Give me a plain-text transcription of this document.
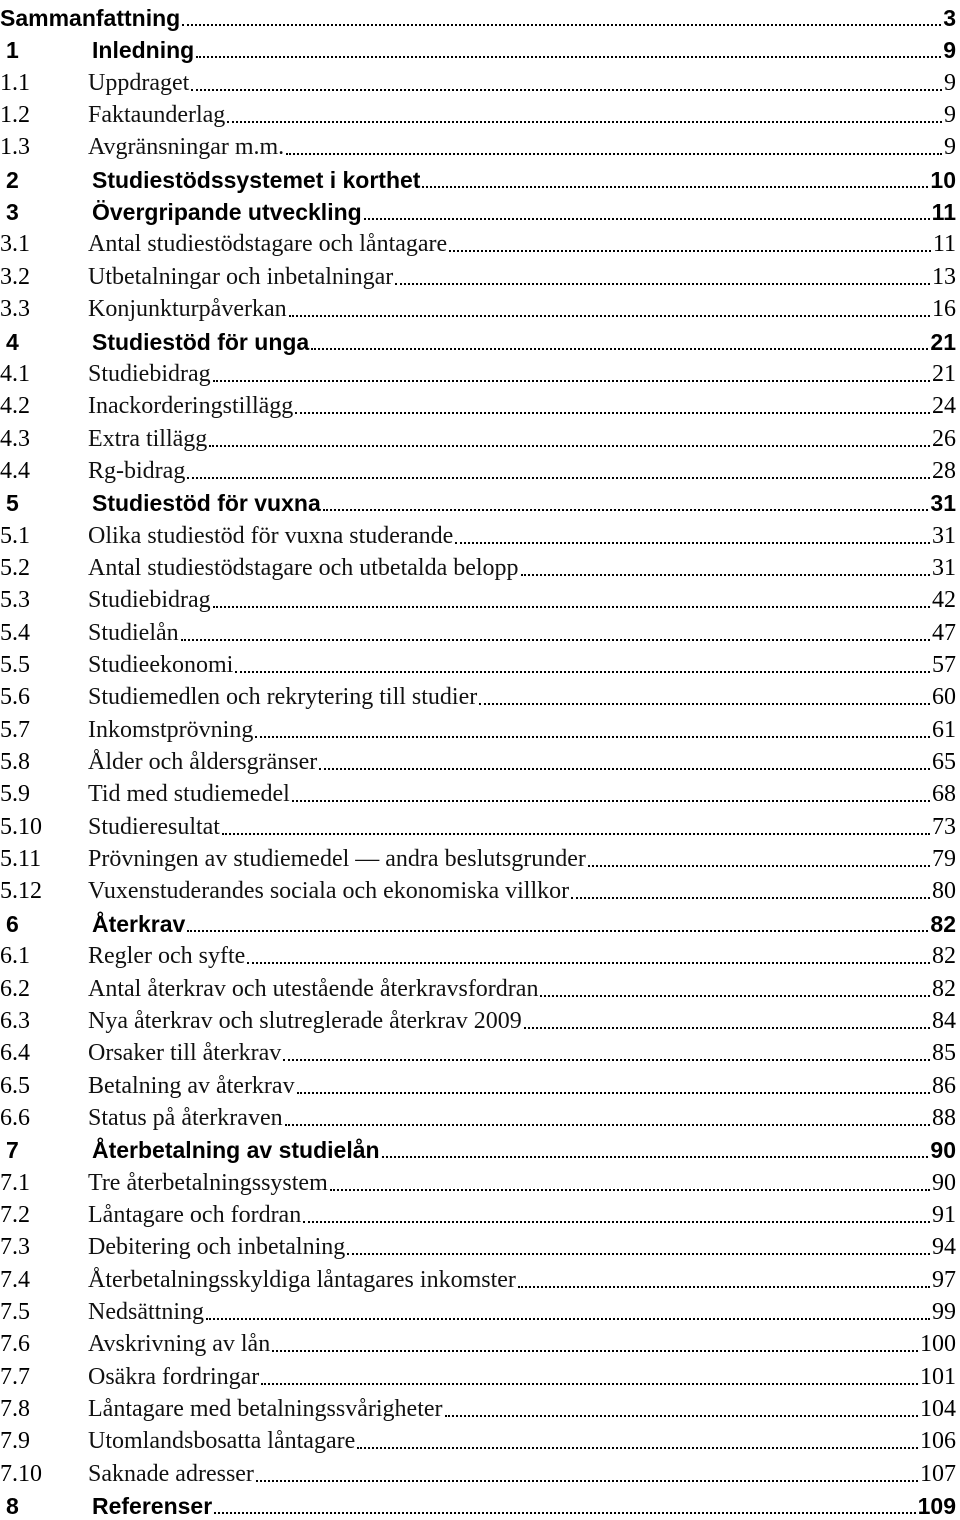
Sammanfattning	3
1	Inledning	9
1.1	Uppdraget	9
1.2	Faktaunderlag	9
1.3	Avgränsningar m.m.	9
2	Studiestödssystemet i korthet	10
3	Övergripande utveckling	11
3.1	Antal studiestödstagare och låntagare	11
3.2	Utbetalningar och inbetalningar	13
3.3	Konjunkturpåverkan	16
4	Studiestöd för unga	21
4.1	Studiebidrag	21
4.2	Inackorderingstillägg	24
4.3	Extra tillägg	26
4.4	Rg-bidrag	28
5	Studiestöd för vuxna	31
5.1	Olika studiestöd för vuxna studerande	31
5.2	Antal studiestödstagare och utbetalda belopp	31
5.3	Studiebidrag	42
5.4	Studielån	47
5.5	Studieekonomi	57
5.6	Studiemedlen och rekrytering till studier	60
5.7	Inkomstprövning	61
5.8	Ålder och åldersgränser	65
5.9	Tid med studiemedel	68
5.10	Studieresultat	73
5.11	Prövningen av studiemedel — andra beslutsgrunder	79
5.12	Vuxenstuderandes sociala och ekonomiska villkor	80
6	Återkrav	82
6.1	Regler och syfte	82
6.2	Antal återkrav och utestående återkravsfordran	82
6.3	Nya återkrav och slutreglerade återkrav 2009	84
6.4	Orsaker till återkrav	85
6.5	Betalning av återkrav	86
6.6	Status på återkraven	88
7	Återbetalning av studielån	90
7.1	Tre återbetalningssystem	90
7.2	Låntagare och fordran	91
7.3	Debitering och inbetalning	94
7.4	Återbetalningsskyldiga låntagares inkomster	97
7.5	Nedsättning	99
7.6	Avskrivning av lån	100
7.7	Osäkra fordringar	101
7.8	Låntagare med betalningssvårigheter	104
7.9	Utomlandsbosatta låntagare	106
7.10	Saknade adresser	107
8	Referenser	109
